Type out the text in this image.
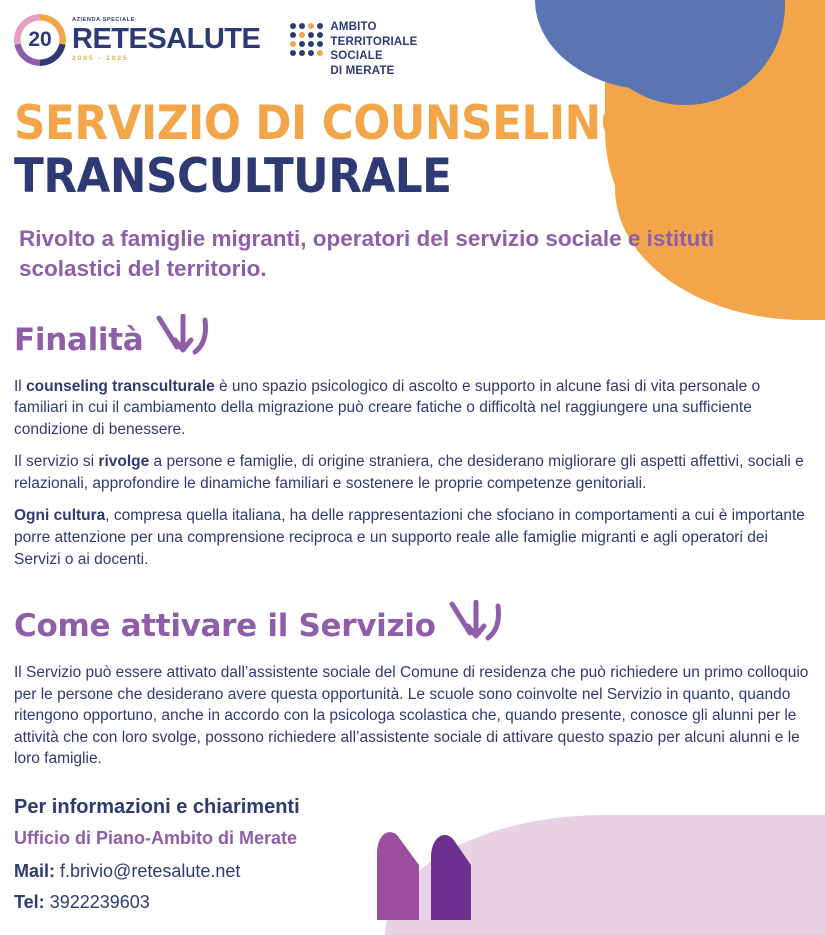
20
AZIENDA SPECIALE
RETESALUTE
2005 - 2025
AMBITO
TERRITORIALE
SOCIALE
DI MERATE
SERVIZIO DI COUNSELING
TRANSCULTURALE
Rivolto a famiglie migranti, operatori del servizio sociale e istituti scolastici del territorio.
Finalità

Il counseling transculturale è uno spazio psicologico di ascolto e supporto in alcune fasi di vita personale o familiari in cui il cambiamento della migrazione può creare fatiche o difficoltà nel raggiungere una sufficiente condizione di benessere.

Il servizio si rivolge a persone e famiglie, di origine straniera, che desiderano migliorare gli aspetti affettivi, sociali e relazionali, approfondire le dinamiche familiari e sostenere le proprie competenze genitoriali.

Ogni cultura, compresa quella italiana, ha delle rappresentazioni che sfociano in comportamenti a cui è importante porre attenzione per una comprensione reciproca e un supporto reale alle famiglie migranti e agli operatori dei Servizi o ai docenti.

Come attivare il Servizio

Il Servizio può essere attivato dall’assistente sociale del Comune di residenza che può richiedere un primo colloquio per le persone che desiderano avere questa opportunità. Le scuole sono coinvolte nel Servizio in quanto, quando ritengono opportuno, anche in accordo con la psicologa scolastica che, quando presente, conosce gli alunni per le attività che con loro svolge, possono richiedere all’assistente sociale di attivare questo spazio per alcuni alunni e le loro famiglie.

Per informazioni e chiarimenti
Ufficio di Piano-Ambito di Merate
Mail: f.brivio@retesalute.net
Tel: 3922239603
